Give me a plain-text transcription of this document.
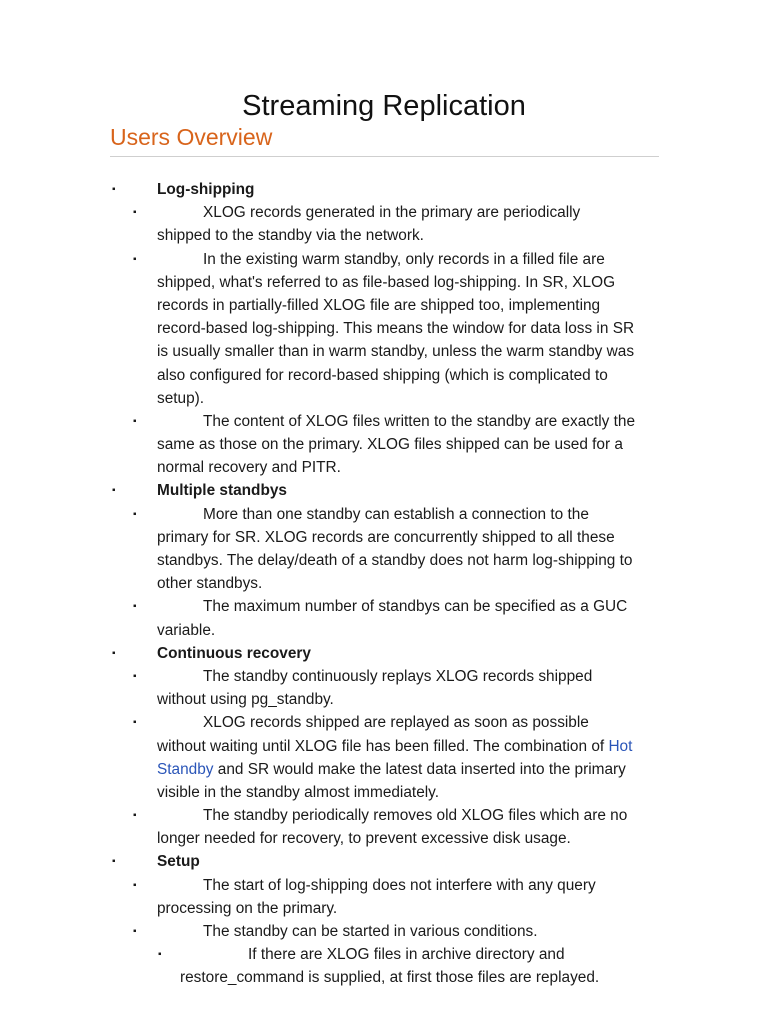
Streaming Replication
Users Overview
▪	Log-shipping
▪	XLOG records generated in the primary are periodically
shipped to the standby via the network.
▪	In the existing warm standby, only records in a filled file are
shipped, what's referred to as file-based log-shipping. In SR, XLOG
records in partially-filled XLOG file are shipped too, implementing
record-based log-shipping. This means the window for data loss in SR
is usually smaller than in warm standby, unless the warm standby was
also configured for record-based shipping (which is complicated to
setup).
▪	The content of XLOG files written to the standby are exactly the
same as those on the primary. XLOG files shipped can be used for a
normal recovery and PITR.
▪	Multiple standbys
▪	More than one standby can establish a connection to the
primary for SR. XLOG records are concurrently shipped to all these
standbys. The delay/death of a standby does not harm log-shipping to
other standbys.
▪	The maximum number of standbys can be specified as a GUC
variable.
▪	Continuous recovery
▪	The standby continuously replays XLOG records shipped
without using pg_standby.
▪	XLOG records shipped are replayed as soon as possible
without waiting until XLOG file has been filled. The combination of Hot
Standby and SR would make the latest data inserted into the primary
visible in the standby almost immediately.
▪	The standby periodically removes old XLOG files which are no
longer needed for recovery, to prevent excessive disk usage.
▪	Setup
▪	The start of log-shipping does not interfere with any query
processing on the primary.
▪	The standby can be started in various conditions.
▪	If there are XLOG files in archive directory and
restore_command is supplied, at first those files are replayed.
